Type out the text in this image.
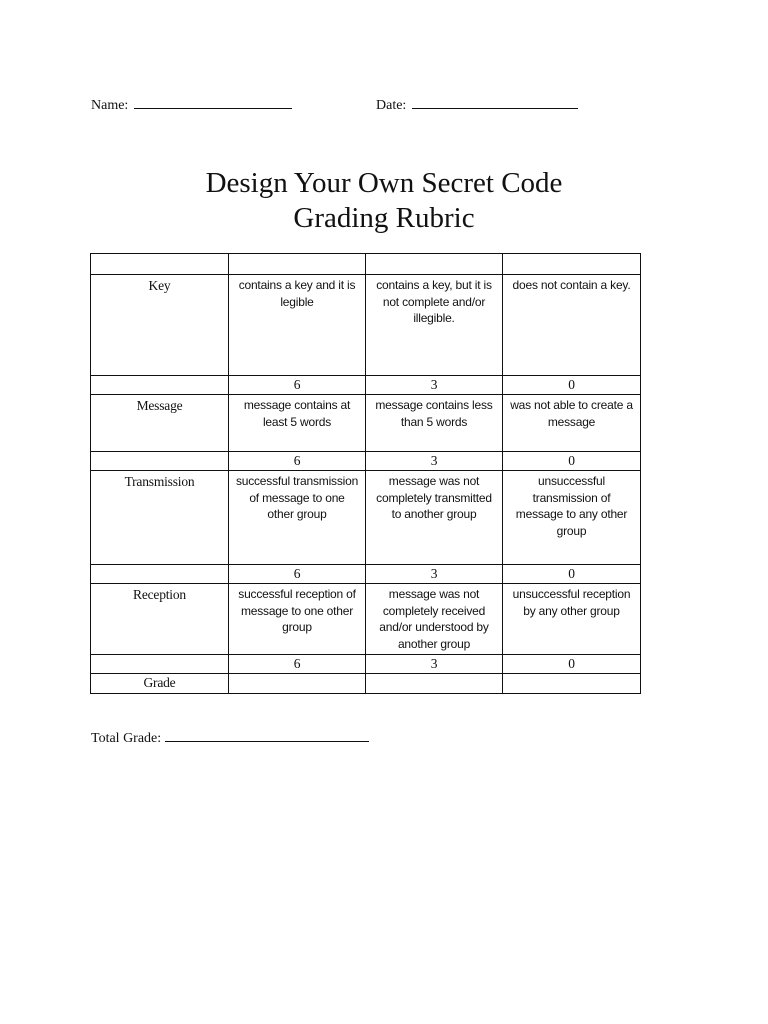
Name:	Date:
Design Your Own Secret Code
Grading Rubric

Key	contains a key and it is legible	contains a key, but it is not complete and/or illegible.	does not contain a key.
	6	3	0
Message	message contains at least 5 words	message contains less than 5 words	was not able to create a message
	6	3	0
Transmission	successful transmission of message to one other group	message was not completely transmitted to another group	unsuccessful transmission of message to any other group
	6	3	0
Reception	successful reception of message to one other group	message was not completely received and/or understood by another group	unsuccessful reception by any other group
	6	3	0
Grade			
Total Grade:
